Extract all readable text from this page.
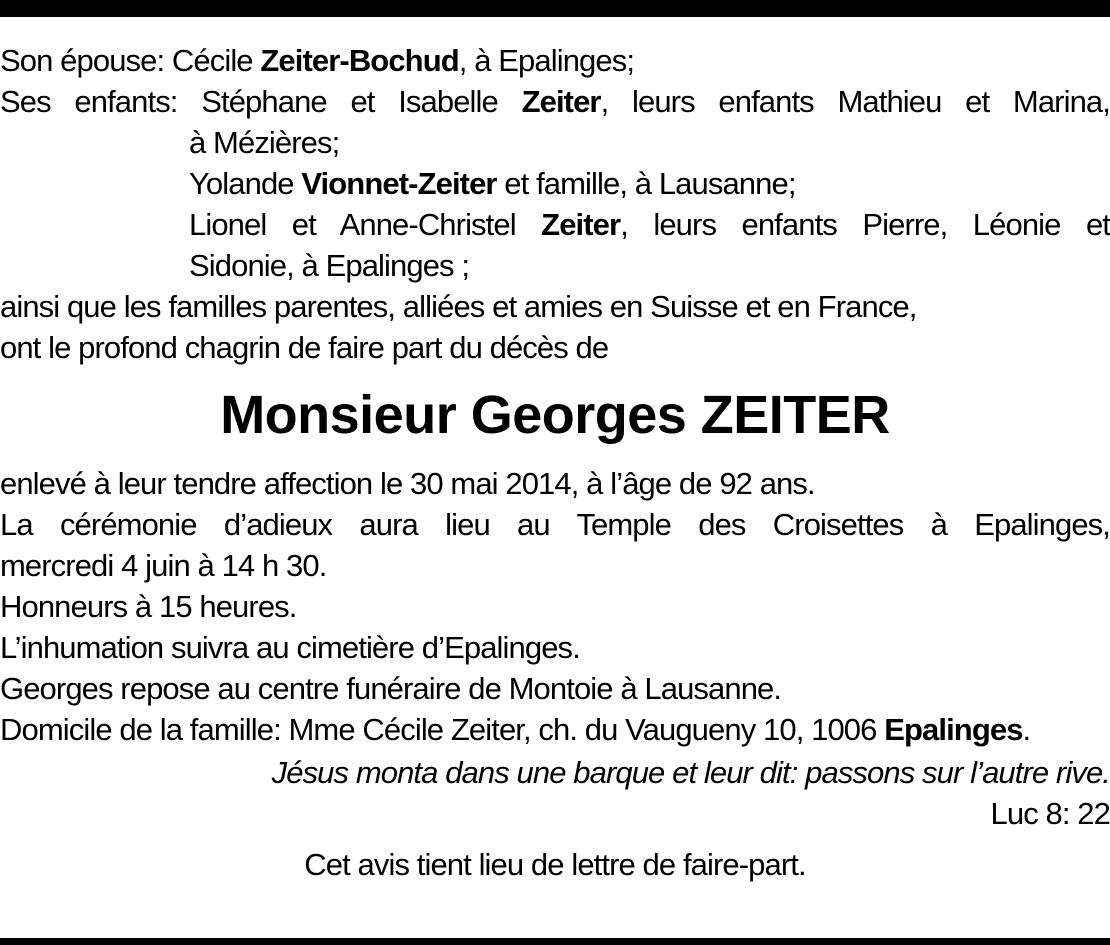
Son épouse: Cécile Zeiter-Bochud, à Epalinges;
Ses enfants: Stéphane et Isabelle Zeiter, leurs enfants Mathieu et Marina,
à Mézières;
Yolande Vionnet-Zeiter et famille, à Lausanne;
Lionel et Anne-Christel Zeiter, leurs enfants Pierre, Léonie et
Sidonie, à Epalinges ;
ainsi que les familles parentes, alliées et amies en Suisse et en France,
ont le profond chagrin de faire part du décès de
Monsieur Georges ZEITER
enlevé à leur tendre affection le 30 mai 2014, à l’âge de 92 ans.
La cérémonie d’adieux aura lieu au Temple des Croisettes à Epalinges,
mercredi 4 juin à 14 h 30.
Honneurs à 15 heures.
L’inhumation suivra au cimetière d’Epalinges.
Georges repose au centre funéraire de Montoie à Lausanne.
Domicile de la famille: Mme Cécile Zeiter, ch. du Vaugueny 10, 1006 Epalinges.
Jésus monta dans une barque et leur dit: passons sur l’autre rive.
Luc 8: 22
Cet avis tient lieu de lettre de faire-part.
